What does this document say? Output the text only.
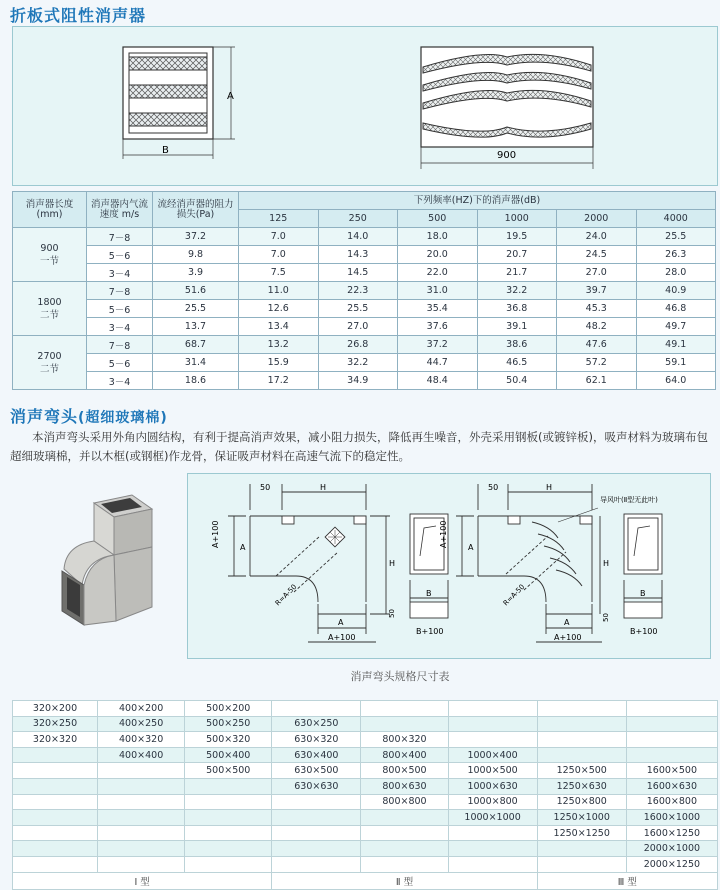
折板式阻性消声器
A
B	900
消声器长度(mm)	消声器内气流速度 m/s	流经消声器的阻力损失(Pa)	下列频率(HZ)下的消声器(dB)					
			125	250	500	1000	2000	4000

900
一节	7－8	37.2	7.0	14.0	18.0	19.5	24.0	25.5
	5－6	9.8	7.0	14.3	20.0	20.7	24.5	26.3
	3－4	3.9	7.5	14.5	22.0	21.7	27.0	28.0

1800
二节	7－8	51.6	11.0	22.3	31.0	32.2	39.7	40.9
	5－6	25.5	12.6	25.5	35.4	36.8	45.3	46.8
	3－4	13.7	13.4	27.0	37.6	39.1	48.2	49.7

2700
二节	7－8	68.7	13.2	26.8	37.2	38.6	47.6	49.1
	5－6	31.4	15.9	32.2	44.7	46.5	57.2	59.1
	3－4	18.6	17.2	34.9	48.4	50.4	62.1	64.0
消声弯头(超细玻璃棉)
本消声弯头采用外角内圆结构，有利于提高消声效果，减小阻力损失，降低再生噪音，外壳采用钢板(或镀锌板)，吸声材料为玻璃布包超细玻璃棉，并以木框(或钢框)作龙骨，保证吸声材料在高速气流下的稳定性。
50	H
A+100	A
H
R=A-50
A
A+100
50
B
B+100
50	H
A+100	A
H
R=A-50
A
A+100
导风叶(Ⅱ型无此叶)
50
B
B+100
消声弯头规格尺寸表
320×200	400×200	500×200					
320×250	400×250	500×250	630×250				
320×320	400×320	500×320	630×320	800×320			
	400×400	500×400	630×400	800×400	1000×400		
		500×500	630×500	800×500	1000×500	1250×500	1600×500
			630×630	800×630	1000×630	1250×630	1600×630
				800×800	1000×800	1250×800	1600×800
					1000×1000	1250×1000	1600×1000
						1250×1250	1600×1250
							2000×1000
							2000×1250
Ⅰ 型			Ⅱ 型			Ⅲ 型	
